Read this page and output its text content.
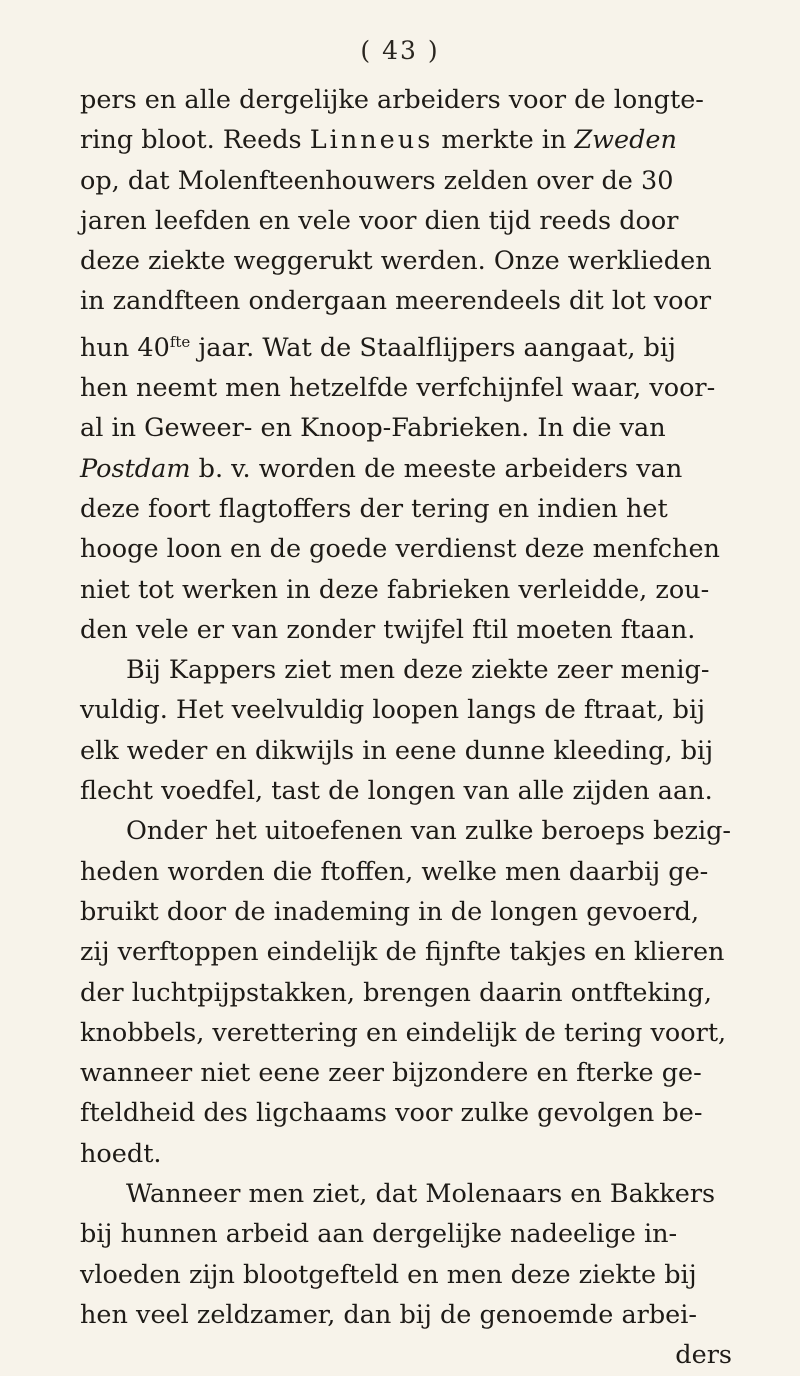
( 43 )
pers en alle dergelijke arbeiders voor de longte-
ring bloot. Reeds Linneus merkte in Zweden
op, dat Molenfteenhouwers zelden over de 30
jaren leefden en vele voor dien tijd reeds door
deze ziekte weggerukt werden. Onze werklieden
in zandfteen ondergaan meerendeels dit lot voor
hun $40^{fte}$ jaar. Wat de Staalflijpers aangaat, bij
hen neemt men hetzelfde verfchijnfel waar, voor-
al in Geweer- en Knoop-Fabrieken. In die van
Postdam b. v. worden de meeste arbeiders van
deze foort flagtoffers der tering en indien het
hooge loon en de goede verdienst deze menfchen
niet tot werken in deze fabrieken verleidde, zou-
den vele er van zonder twijfel ftil moeten ftaan.
Bij Kappers ziet men deze ziekte zeer menig-
vuldig. Het veelvuldig loopen langs de ftraat, bij
elk weder en dikwijls in eene dunne kleeding, bij
flecht voedfel, tast de longen van alle zijden aan.
Onder het uitoefenen van zulke beroeps bezig-
heden worden die ftoffen, welke men daarbij ge-
bruikt door de inademing in de longen gevoerd,
zij verftoppen eindelijk de fijnfte takjes en klieren
der luchtpijpstakken, brengen daarin ontfteking,
knobbels, verettering en eindelijk de tering voort,
wanneer niet eene zeer bijzondere en fterke ge-
fteldheid des ligchaams voor zulke gevolgen be-
hoedt.
Wanneer men ziet, dat Molenaars en Bakkers
bij hunnen arbeid aan dergelijke nadeelige in-
vloeden zijn blootgefteld en men deze ziekte bij
hen veel zeldzamer, dan bij de genoemde arbei-
ders
